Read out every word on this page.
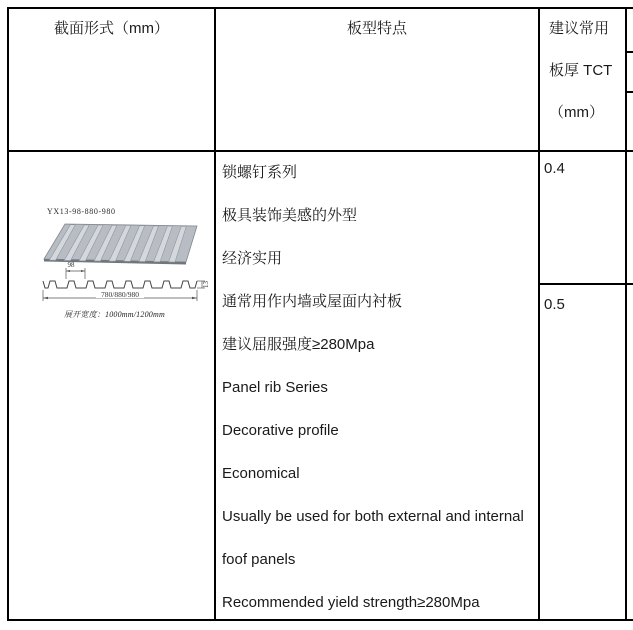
截面形式（mm）	板型特点	建议常用
板厚 TCT
（mm）
YX13-98-880-980
98
13
780/880/980
展开宽度：1000mm/1200mm
锁螺钉系列
极具装饰美感的外型
经济实用
通常用作内墙或屋面内衬板
建议屈服强度≥280Mpa
Panel rib Series
Decorative profile
Economical
Usually be used for both external and internal
foof panels
Recommended yield strength≥280Mpa
0.4
0.5
